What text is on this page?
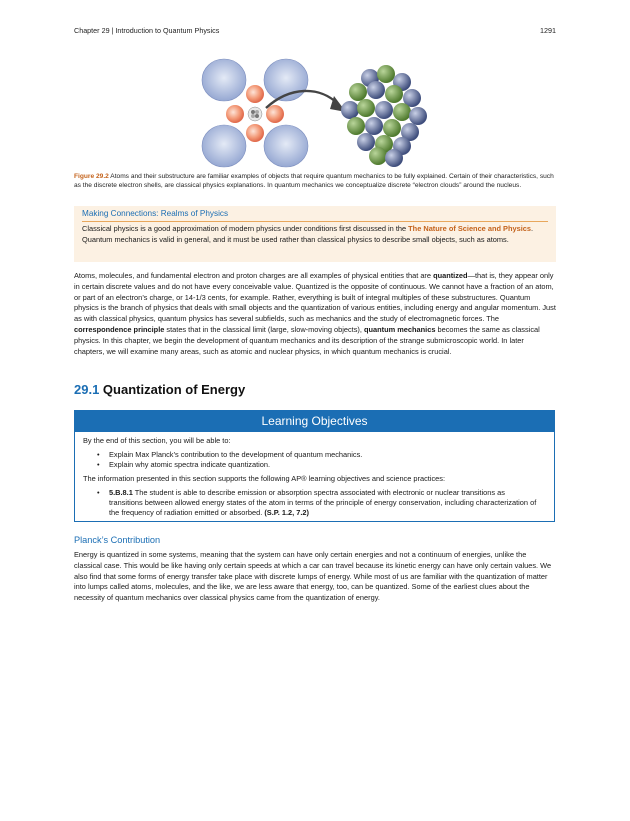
Chapter 29 | Introduction to Quantum Physics	1291
Figure 29.2 Atoms and their substructure are familiar examples of objects that require quantum mechanics to be fully explained. Certain of their characteristics, such as the discrete electron shells, are classical physics explanations. In quantum mechanics we conceptualize discrete “electron clouds” around the nucleus.
Making Connections: Realms of Physics
Classical physics is a good approximation of modern physics under conditions first discussed in the The Nature of Science and Physics. Quantum mechanics is valid in general, and it must be used rather than classical physics to describe small objects, such as atoms.
Atoms, molecules, and fundamental electron and proton charges are all examples of physical entities that are quantized—that is, they appear only in certain discrete values and do not have every conceivable value. Quantized is the opposite of continuous. We cannot have a fraction of an atom, or part of an electron’s charge, or 14-1/3 cents, for example. Rather, everything is built of integral multiples of these substructures. Quantum physics is the branch of physics that deals with small objects and the quantization of various entities, including energy and angular momentum. Just as with classical physics, quantum physics has several subfields, such as mechanics and the study of electromagnetic forces. The correspondence principle states that in the classical limit (large, slow-moving objects), quantum mechanics becomes the same as classical physics. In this chapter, we begin the development of quantum mechanics and its description of the strange submicroscopic world. In later chapters, we will examine many areas, such as atomic and nuclear physics, in which quantum mechanics is crucial.
29.1 Quantization of Energy
Learning Objectives
By the end of this section, you will be able to:
• Explain Max Planck’s contribution to the development of quantum mechanics.
• Explain why atomic spectra indicate quantization.
The information presented in this section supports the following AP® learning objectives and science practices:
• 5.B.8.1 The student is able to describe emission or absorption spectra associated with electronic or nuclear transitions as transitions between allowed energy states of the atom in terms of the principle of energy conservation, including characterization of the frequency of radiation emitted or absorbed. (S.P. 1.2, 7.2)
Planck’s Contribution
Energy is quantized in some systems, meaning that the system can have only certain energies and not a continuum of energies, unlike the classical case. This would be like having only certain speeds at which a car can travel because its kinetic energy can have only certain values. We also find that some forms of energy transfer take place with discrete lumps of energy. While most of us are familiar with the quantization of matter into lumps called atoms, molecules, and the like, we are less aware that energy, too, can be quantized. Some of the earliest clues about the necessity of quantum mechanics over classical physics came from the quantization of energy.
